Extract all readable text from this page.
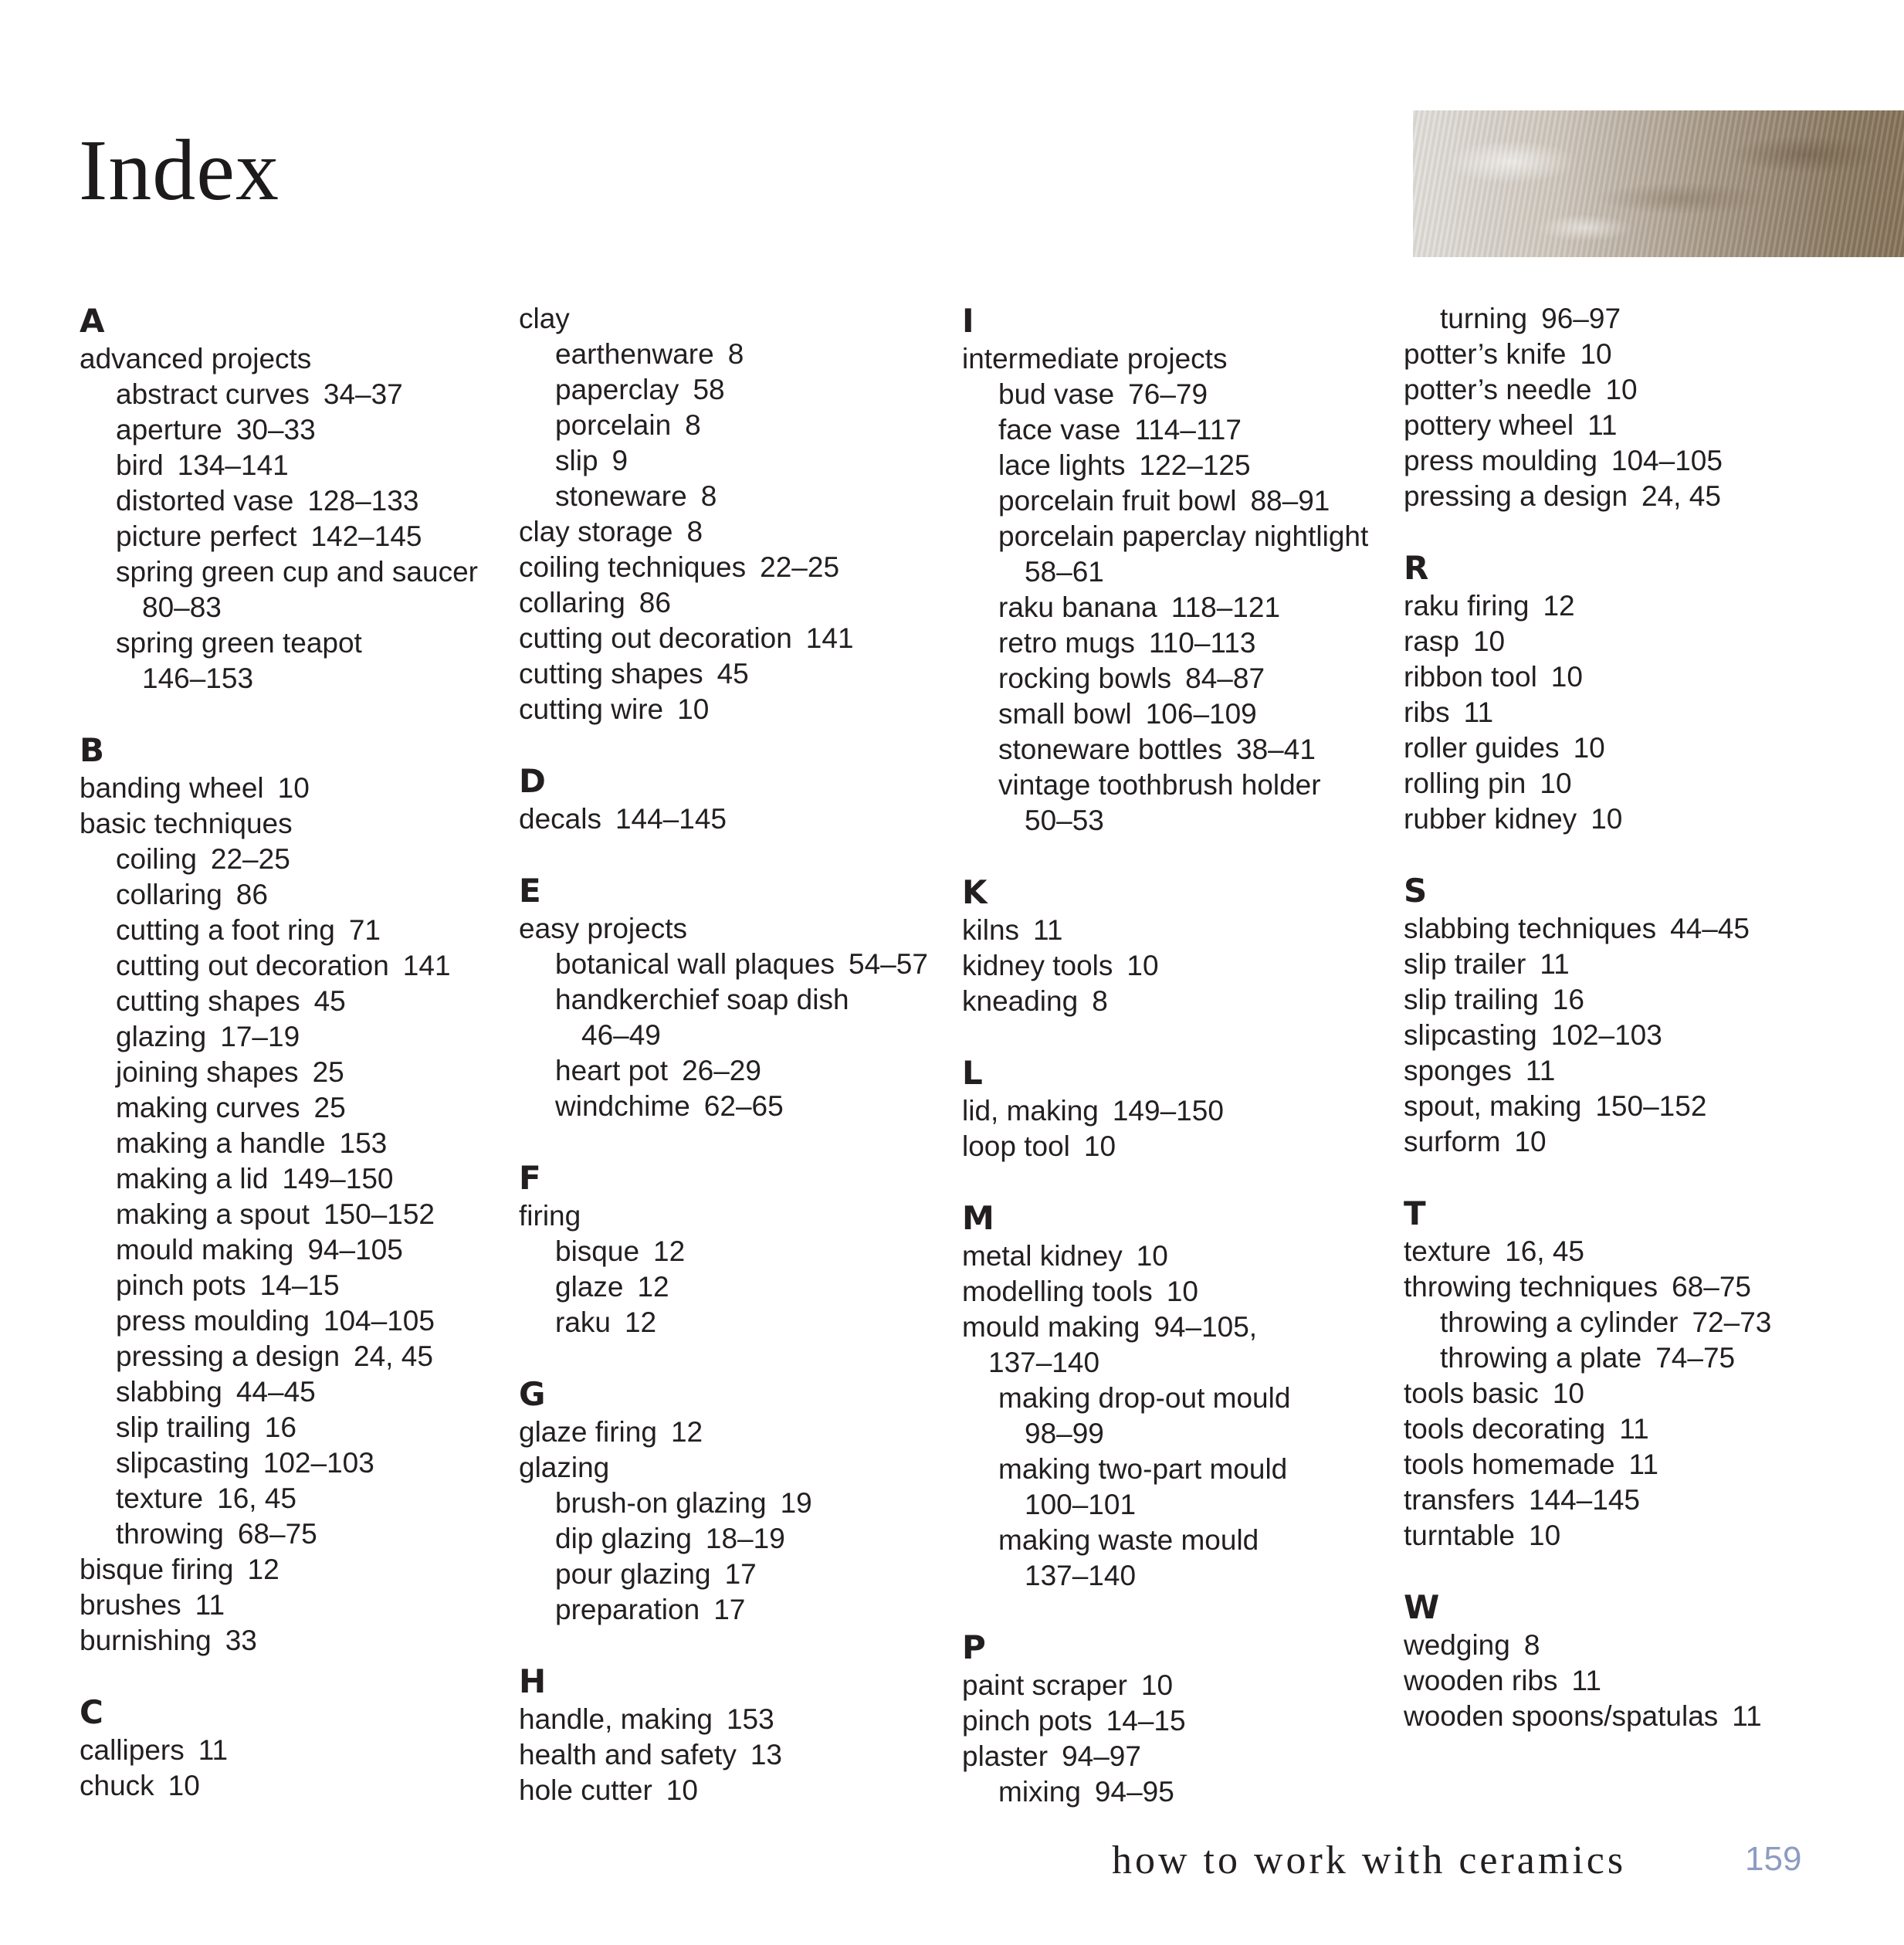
Index
A
advanced projects
abstract curves 34–37
aperture 30–33
bird 134–141
distorted vase 128–133
picture perfect 142–145
spring green cup and saucer
80–83
spring green teapot
146–153
B
banding wheel 10
basic techniques
coiling 22–25
collaring 86
cutting a foot ring 71
cutting out decoration 141
cutting shapes 45
glazing 17–19
joining shapes 25
making curves 25
making a handle 153
making a lid 149–150
making a spout 150–152
mould making 94–105
pinch pots 14–15
press moulding 104–105
pressing a design 24, 45
slabbing 44–45
slip trailing 16
slipcasting 102–103
texture 16, 45
throwing 68–75
bisque firing 12
brushes 11
burnishing 33
C
callipers 11
chuck 10
clay
earthenware 8
paperclay 58
porcelain 8
slip 9
stoneware 8
clay storage 8
coiling techniques 22–25
collaring 86
cutting out decoration 141
cutting shapes 45
cutting wire 10
D
decals 144–145
E
easy projects
botanical wall plaques 54–57
handkerchief soap dish
46–49
heart pot 26–29
windchime 62–65
F
firing
bisque 12
glaze 12
raku 12
G
glaze firing 12
glazing
brush-on glazing 19
dip glazing 18–19
pour glazing 17
preparation 17
H
handle, making 153
health and safety 13
hole cutter 10
I
intermediate projects
bud vase 76–79
face vase 114–117
lace lights 122–125
porcelain fruit bowl 88–91
porcelain paperclay nightlight
58–61
raku banana 118–121
retro mugs 110–113
rocking bowls 84–87
small bowl 106–109
stoneware bottles 38–41
vintage toothbrush holder
50–53
K
kilns 11
kidney tools 10
kneading 8
L
lid, making 149–150
loop tool 10
M
metal kidney 10
modelling tools 10
mould making 94–105,
137–140
making drop-out mould
98–99
making two-part mould
100–101
making waste mould
137–140
P
paint scraper 10
pinch pots 14–15
plaster 94–97
mixing 94–95
turning 96–97
potter’s knife 10
potter’s needle 10
pottery wheel 11
press moulding 104–105
pressing a design 24, 45
R
raku firing 12
rasp 10
ribbon tool 10
ribs 11
roller guides 10
rolling pin 10
rubber kidney 10
S
slabbing techniques 44–45
slip trailer 11
slip trailing 16
slipcasting 102–103
sponges 11
spout, making 150–152
surform 10
T
texture 16, 45
throwing techniques 68–75
throwing a cylinder 72–73
throwing a plate 74–75
tools basic 10
tools decorating 11
tools homemade 11
transfers 144–145
turntable 10
W
wedging 8
wooden ribs 11
wooden spoons/spatulas 11
how to work with ceramics	159
